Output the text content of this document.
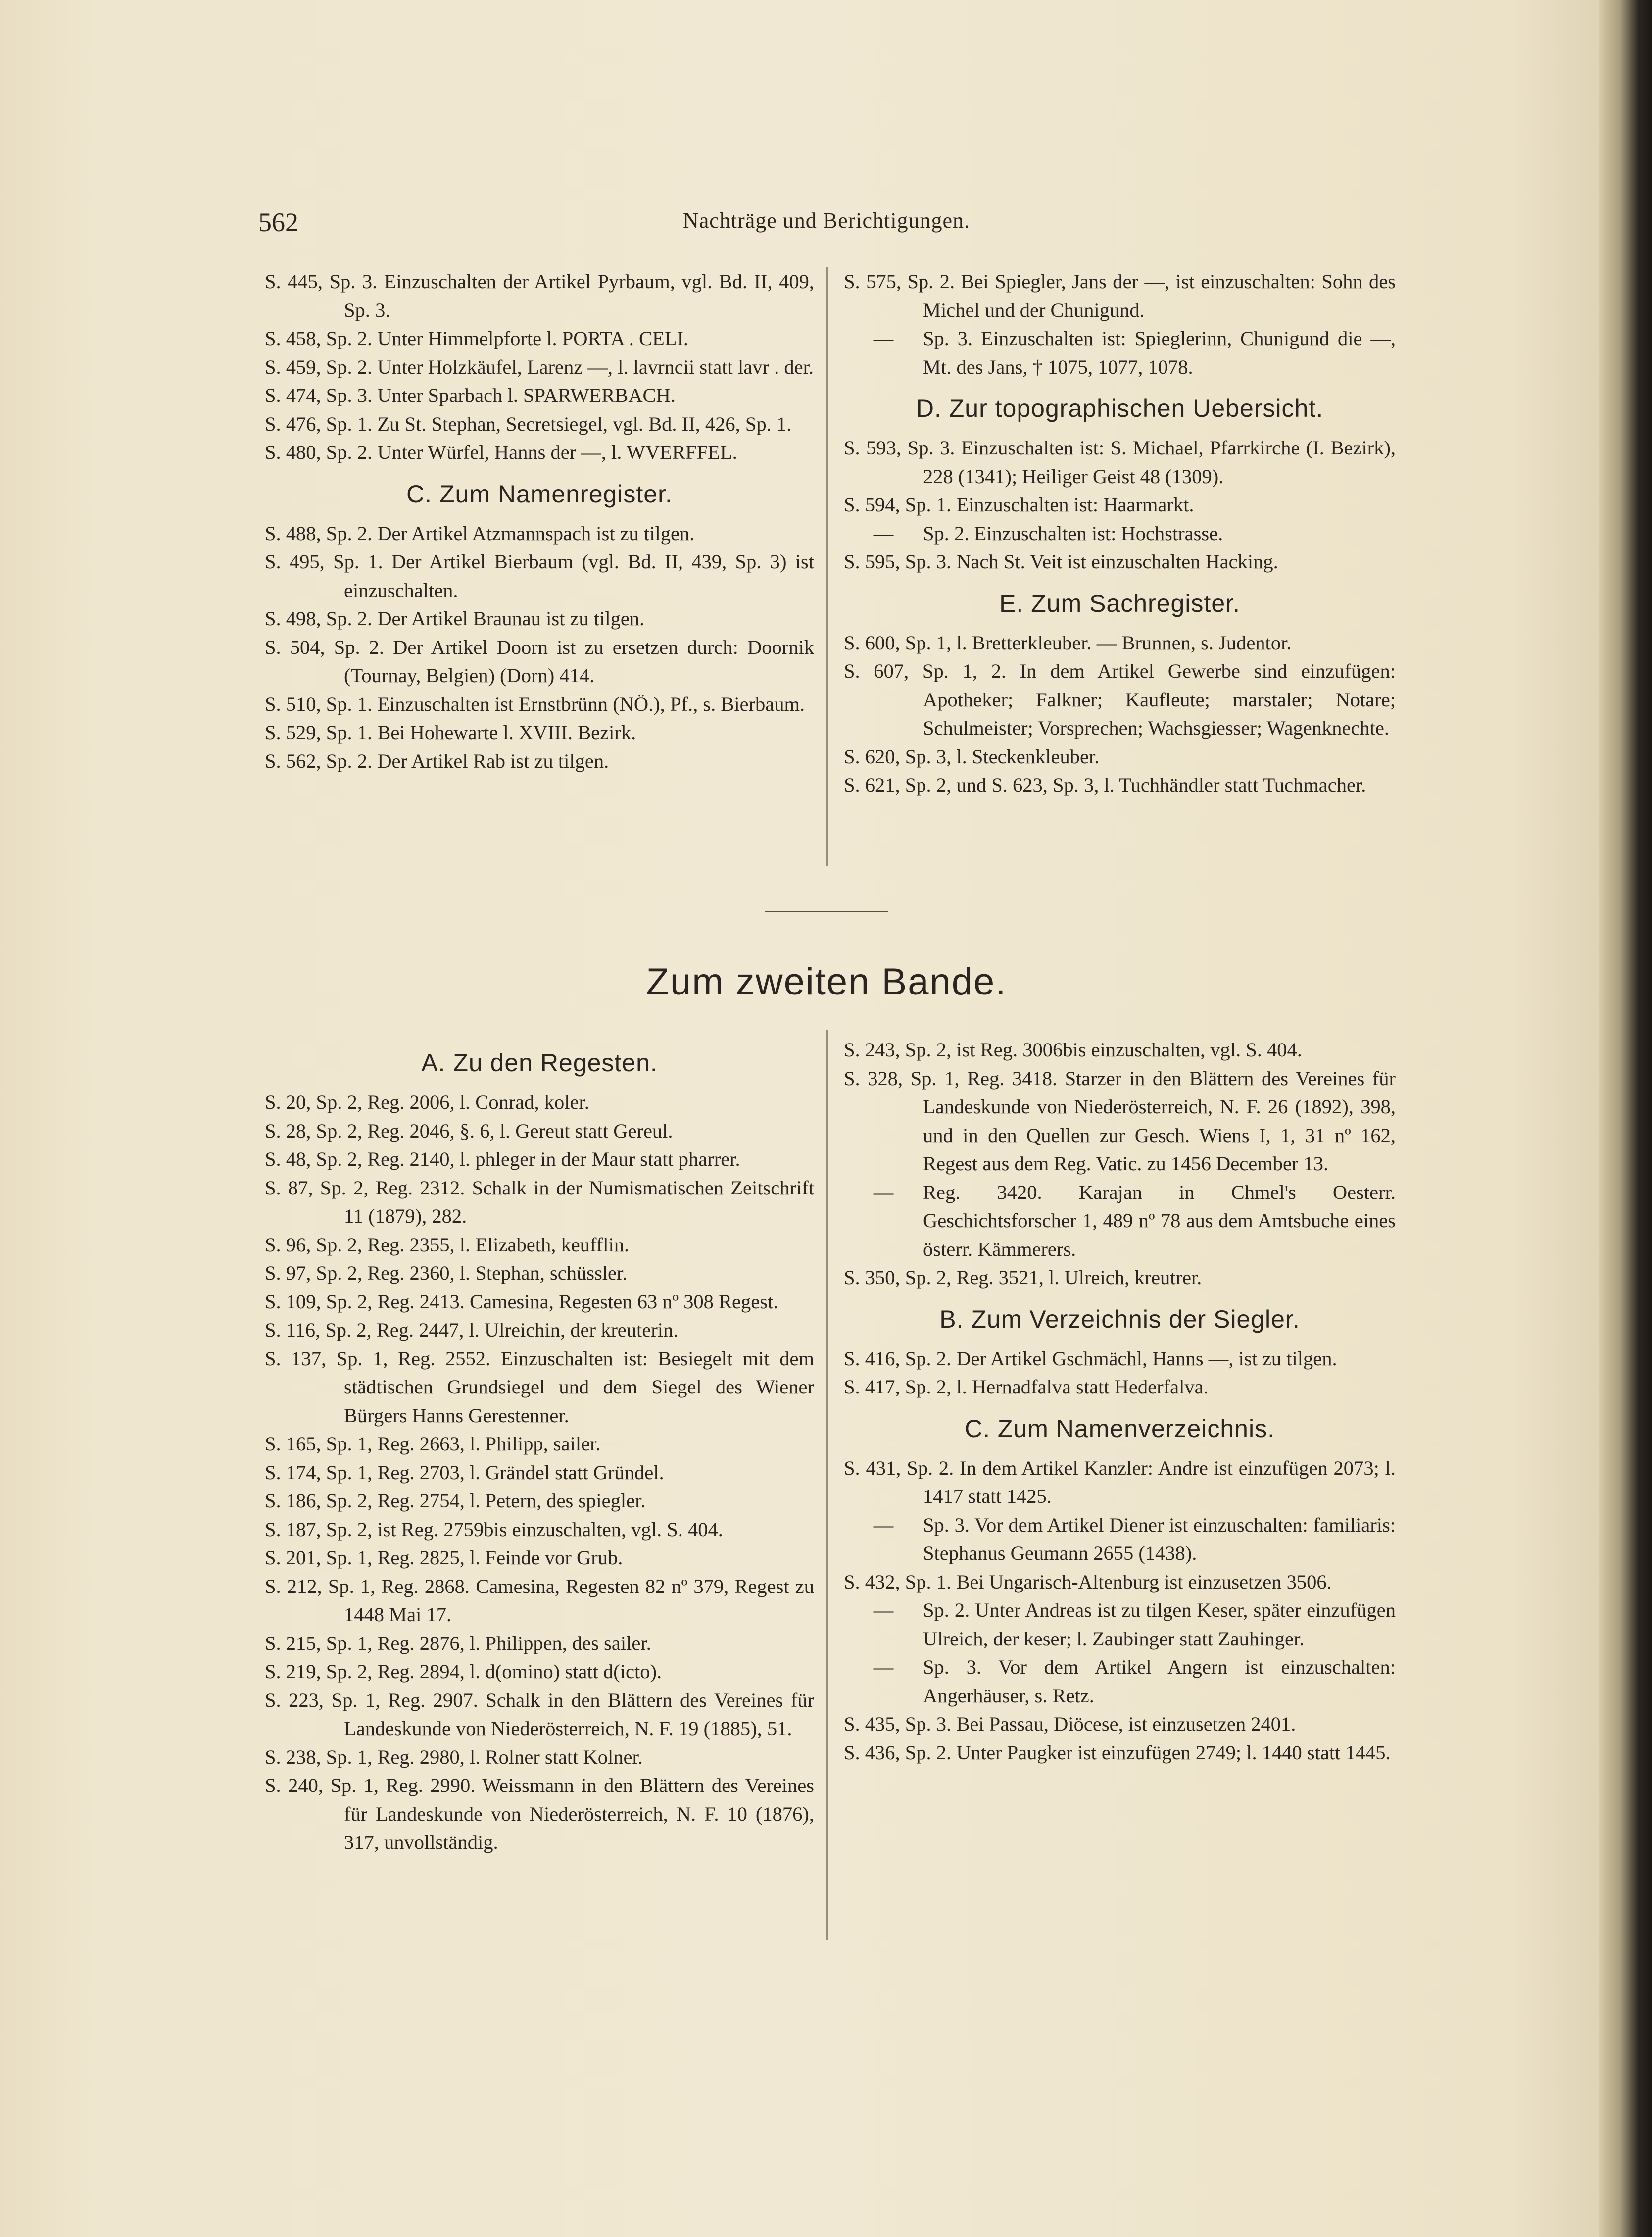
562	Nachträge und Berichtigungen.
S. 445, Sp. 3. Einzuschalten der Artikel Pyrbaum, vgl. Bd. II, 409, Sp. 3.
S. 458, Sp. 2. Unter Himmelpforte l. PORTA . CELI.
S. 459, Sp. 2. Unter Holzkäufel, Larenz —, l. lavrncii statt lavr . der.
S. 474, Sp. 3. Unter Sparbach l. SPARWERBACH.
S. 476, Sp. 1. Zu St. Stephan, Secretsiegel, vgl. Bd. II, 426, Sp. 1.
S. 480, Sp. 2. Unter Würfel, Hanns der —, l. WVERFFEL.
C. Zum Namenregister.
S. 488, Sp. 2. Der Artikel Atzmannspach ist zu tilgen.
S. 495, Sp. 1. Der Artikel Bierbaum (vgl. Bd. II, 439, Sp. 3) ist einzuschalten.
S. 498, Sp. 2. Der Artikel Braunau ist zu tilgen.
S. 504, Sp. 2. Der Artikel Doorn ist zu ersetzen durch: Doornik (Tournay, Belgien) (Dorn) 414.
S. 510, Sp. 1. Einzuschalten ist Ernstbrünn (NÖ.), Pf., s. Bierbaum.
S. 529, Sp. 1. Bei Hohewarte l. XVIII. Bezirk.
S. 562, Sp. 2. Der Artikel Rab ist zu tilgen.
S. 575, Sp. 2. Bei Spiegler, Jans der —, ist einzuschalten: Sohn des Michel und der Chunigund.
— Sp. 3. Einzuschalten ist: Spieglerinn, Chunigund die —, Mt. des Jans, † 1075, 1077, 1078.
D. Zur topographischen Uebersicht.
S. 593, Sp. 3. Einzuschalten ist: S. Michael, Pfarrkirche (I. Bezirk), 228 (1341); Heiliger Geist 48 (1309).
S. 594, Sp. 1. Einzuschalten ist: Haarmarkt.
— Sp. 2. Einzuschalten ist: Hochstrasse.
S. 595, Sp. 3. Nach St. Veit ist einzuschalten Hacking.
E. Zum Sachregister.
S. 600, Sp. 1, l. Bretterkleuber. — Brunnen, s. Judentor.
S. 607, Sp. 1, 2. In dem Artikel Gewerbe sind einzufügen: Apotheker; Falkner; Kaufleute; marstaler; Notare; Schulmeister; Vorsprechen; Wachsgiesser; Wagenknechte.
S. 620, Sp. 3, l. Steckenkleuber.
S. 621, Sp. 2, und S. 623, Sp. 3, l. Tuchhändler statt Tuchmacher.
Zum zweiten Bande.
A. Zu den Regesten.
S. 20, Sp. 2, Reg. 2006, l. Conrad, koler.
S. 28, Sp. 2, Reg. 2046, §. 6, l. Gereut statt Gereul.
S. 48, Sp. 2, Reg. 2140, l. phleger in der Maur statt pharrer.
S. 87, Sp. 2, Reg. 2312. Schalk in der Numismatischen Zeitschrift 11 (1879), 282.
S. 96, Sp. 2, Reg. 2355, l. Elizabeth, keufflin.
S. 97, Sp. 2, Reg. 2360, l. Stephan, schüssler.
S. 109, Sp. 2, Reg. 2413. Camesina, Regesten 63 nº 308 Regest.
S. 116, Sp. 2, Reg. 2447, l. Ulreichin, der kreuterin.
S. 137, Sp. 1, Reg. 2552. Einzuschalten ist: Besiegelt mit dem städtischen Grundsiegel und dem Siegel des Wiener Bürgers Hanns Gerestenner.
S. 165, Sp. 1, Reg. 2663, l. Philipp, sailer.
S. 174, Sp. 1, Reg. 2703, l. Grändel statt Gründel.
S. 186, Sp. 2, Reg. 2754, l. Petern, des spiegler.
S. 187, Sp. 2, ist Reg. 2759bis einzuschalten, vgl. S. 404.
S. 201, Sp. 1, Reg. 2825, l. Feinde vor Grub.
S. 212, Sp. 1, Reg. 2868. Camesina, Regesten 82 nº 379, Regest zu 1448 Mai 17.
S. 215, Sp. 1, Reg. 2876, l. Philippen, des sailer.
S. 219, Sp. 2, Reg. 2894, l. d(omino) statt d(icto).
S. 223, Sp. 1, Reg. 2907. Schalk in den Blättern des Vereines für Landeskunde von Niederösterreich, N. F. 19 (1885), 51.
S. 238, Sp. 1, Reg. 2980, l. Rolner statt Kolner.
S. 240, Sp. 1, Reg. 2990. Weissmann in den Blättern des Vereines für Landeskunde von Niederösterreich, N. F. 10 (1876), 317, unvollständig.
S. 243, Sp. 2, ist Reg. 3006bis einzuschalten, vgl. S. 404.
S. 328, Sp. 1, Reg. 3418. Starzer in den Blättern des Vereines für Landeskunde von Niederösterreich, N. F. 26 (1892), 398, und in den Quellen zur Gesch. Wiens I, 1, 31 nº 162, Regest aus dem Reg. Vatic. zu 1456 December 13.
— Reg. 3420. Karajan in Chmel's Oesterr. Geschichtsforscher 1, 489 nº 78 aus dem Amtsbuche eines österr. Kämmerers.
S. 350, Sp. 2, Reg. 3521, l. Ulreich, kreutrer.
B. Zum Verzeichnis der Siegler.
S. 416, Sp. 2. Der Artikel Gschmächl, Hanns —, ist zu tilgen.
S. 417, Sp. 2, l. Hernadfalva statt Hederfalva.
C. Zum Namenverzeichnis.
S. 431, Sp. 2. In dem Artikel Kanzler: Andre ist einzufügen 2073; l. 1417 statt 1425.
— Sp. 3. Vor dem Artikel Diener ist einzuschalten: familiaris: Stephanus Geumann 2655 (1438).
S. 432, Sp. 1. Bei Ungarisch-Altenburg ist einzusetzen 3506.
— Sp. 2. Unter Andreas ist zu tilgen Keser, später einzufügen Ulreich, der keser; l. Zaubinger statt Zauhinger.
— Sp. 3. Vor dem Artikel Angern ist einzuschalten: Angerhäuser, s. Retz.
S. 435, Sp. 3. Bei Passau, Diöcese, ist einzusetzen 2401.
S. 436, Sp. 2. Unter Paugker ist einzufügen 2749; l. 1440 statt 1445.
